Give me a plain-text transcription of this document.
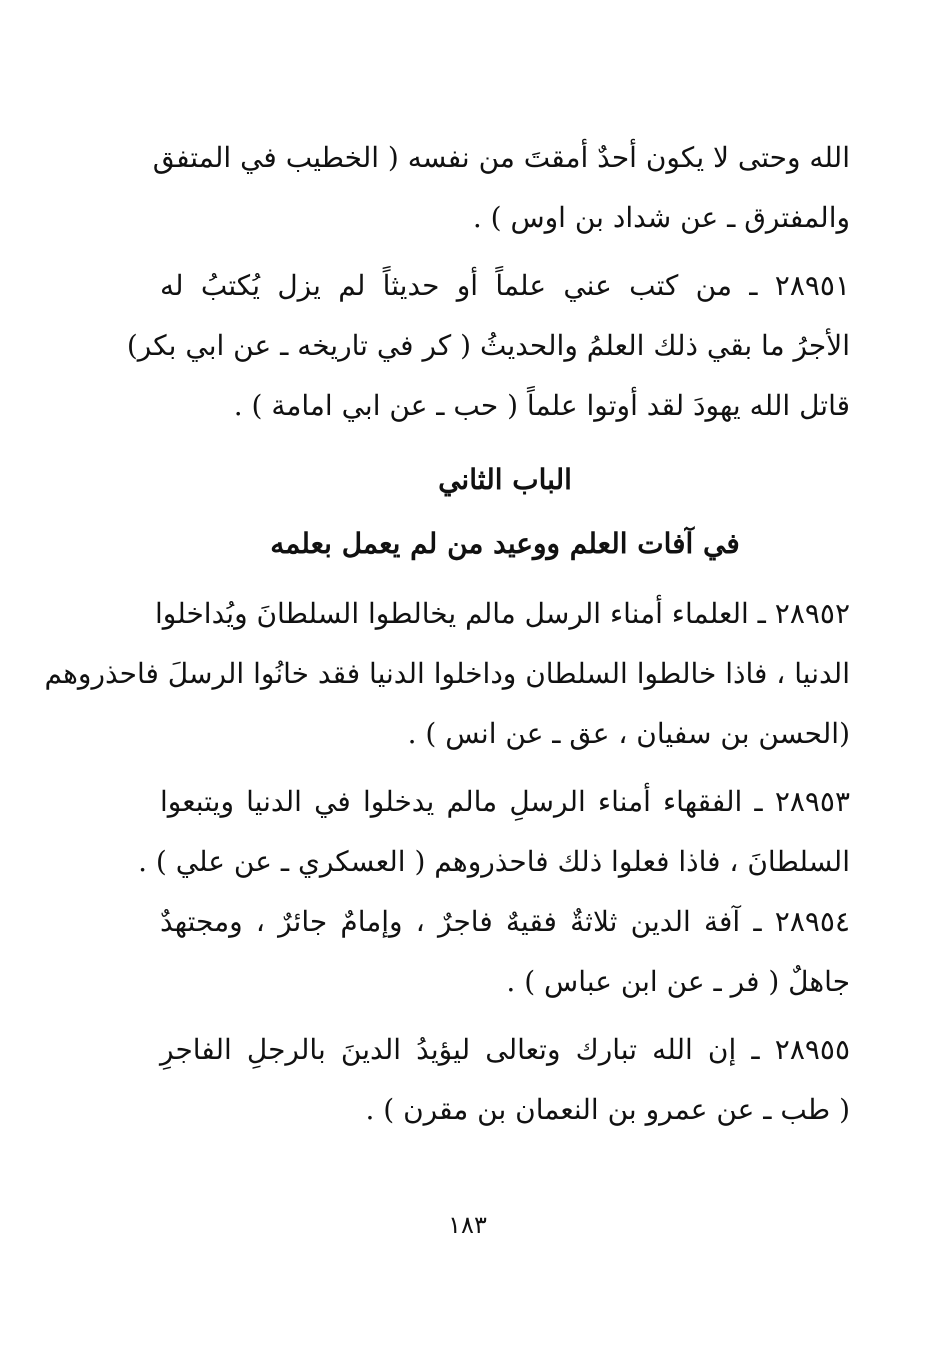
الله وحتى لا يكون أحدٌ أمقتَ من نفسه ( الخطيب في المتفق
والمفترق ـ عن شداد بن اوس ) .
٢٨٩٥١ ـ من كتب عني علماً أو حديثاً لم يزل يُكتبُ له
الأجرُ ما بقي ذلك العلمُ والحديثُ ( كر في تاريخه ـ عن ابي بكر)
قاتل الله يهودَ لقد أوتوا علماً ( حب ـ عن ابي امامة ) .
الباب الثاني
في آفات العلم ووعيد من لم يعمل بعلمه
٢٨٩٥٢ ـ العلماء أمناء الرسل مالم يخالطوا السلطانَ ويُداخلوا
الدنيا ، فاذا خالطوا السلطان وداخلوا الدنيا فقد خانُوا الرسلَ فاحذروهم
(الحسن بن سفيان ، عق ـ عن انس ) .
٢٨٩٥٣ ـ الفقهاء أمناء الرسلِ مالم يدخلوا في الدنيا ويتبعوا
السلطانَ ، فاذا فعلوا ذلك فاحذروهم ( العسكري ـ عن علي ) .
٢٨٩٥٤ ـ آفة الدين ثلاثةٌ فقيهٌ فاجرٌ ، وإمامٌ جائرٌ ، ومجتهدٌ
جاهلٌ ( فر ـ عن ابن عباس ) .
٢٨٩٥٥ ـ إن الله تبارك وتعالى ليؤيدُ الدينَ بالرجلِ الفاجرِ
( طب ـ عن عمرو بن النعمان بن مقرن ) .
١٨٣
